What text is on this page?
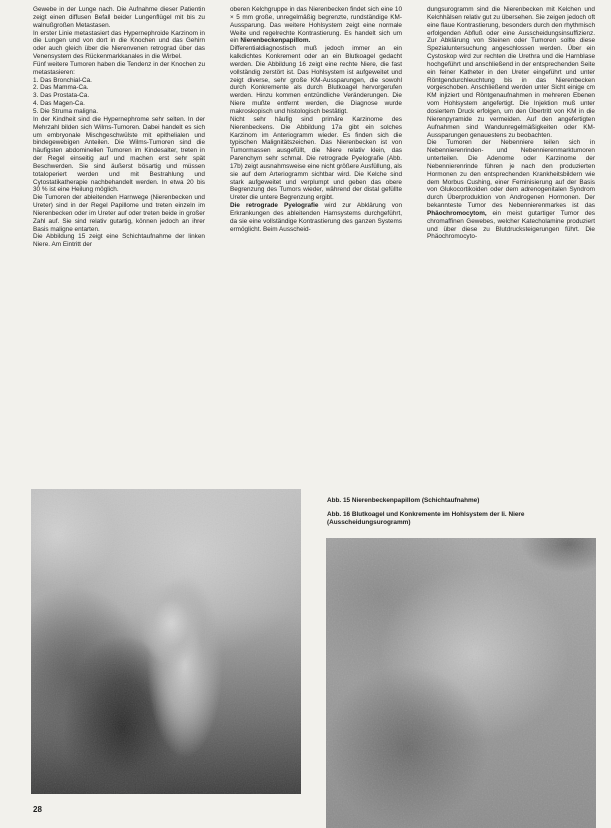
Gewebe in der Lunge nach. Die Aufnahme dieser Patientin zeigt einen diffusen Befall beider Lungenflügel mit bis zu walnußgroßen Metastasen.

In erster Linie metastasiert das Hypernephroide Karzinom in die Lungen und von dort in die Knochen und das Gehirn oder auch gleich über die Nierenvenen retrograd über das Venensystem des Rückenmarkkanales in die Wirbel.

Fünf weitere Tumoren haben die Tendenz in der Knochen zu metastasieren:

1. Das Bronchial-Ca.
2. Das Mamma-Ca.
3. Das Prostata-Ca.
4. Das Magen-Ca.
5. Die Struma maligna.

In der Kindheit sind die Hypernephrome sehr selten. In der Mehrzahl bilden sich Wilms-Tumoren. Dabei handelt es sich um embryonale Mischgeschwülste mit epithelialen und bindegewebigen Anteilen. Die Wilms-Tumoren sind die häufigsten abdominellen Tumoren im Kindesalter, treten in der Regel einseitig auf und machen erst sehr spät Beschwerden. Sie sind äußerst bösartig und müssen totaloperiert werden und mit Bestrahlung und Cytostatikatherapie nachbehandelt werden. In etwa 20 bis 30 % ist eine Heilung möglich.

Die Tumoren der ableitenden Harnwege (Nierenbecken und Ureter) sind in der Regel Papillome und treten einzeln im Nierenbecken oder im Ureter auf oder treten beide in großer Zahl auf. Sie sind relativ gutartig, können jedoch an ihrer Basis maligne entarten.

Die Abbildung 15 zeigt eine Schichtaufnahme der linken Niere. Am Eintritt der

oberen Kelchgruppe in das Nierenbecken findet sich eine 10 × 5 mm große, unregelmäßig begrenzte, rundständige KM-Aussparung. Das weitere Hohlsystem zeigt eine normale Weite und regelrechte Kontrastierung. Es handelt sich um ein Nierenbeckenpapillom.

Differentialdiagnostisch muß jedoch immer an ein kalkdichtes Konkrement oder an ein Blutkoagel gedacht werden. Die Abbildung 16 zeigt eine rechte Niere, die fast vollständig zerstört ist. Das Hohlsystem ist aufgeweitet und zeigt diverse, sehr große KM-Aussparungen, die sowohl durch Konkremente als durch Blutkoagel hervorgerufen werden. Hinzu kommen entzündliche Veränderungen. Die Niere mußte entfernt werden, die Diagnose wurde makroskopisch und histologisch bestätigt.

Nicht sehr häufig sind primäre Karzinome des Nierenbeckens. Die Abbildung 17a gibt ein solches Karzinom im Anteriogramm wieder. Es finden sich die typischen Malignitätszeichen. Das Nierenbecken ist von Tumormassen ausgefüllt, die Niere relativ klein, das Parenchym sehr schmal. Die retrograde Pyelografie (Abb. 17b) zeigt ausnahmsweise eine nicht größere Ausfüllung, als sie auf dem Arteriogramm sichtbar wird. Die Kelche sind stark aufgeweitet und verplumpt und geben das obere Begrenzung des Tumors wieder, während der distal gefüllte Ureter die untere Begrenzung ergibt.

Die retrograde Pyelografie wird zur Abklärung von Erkrankungen des ableitenden Harnsystems durchgeführt, da sie eine vollständige Kontrastierung des ganzen Systems ermöglicht. Beim Ausscheid-

dungsurogramm sind die Nierenbecken mit Kelchen und Kelchhälsen relativ gut zu übersehen. Sie zeigen jedoch oft eine flaue Kontrastierung, besonders durch den rhythmisch erfolgenden Abfluß oder eine Ausscheidungsinsuffizienz. Zur Abklärung von Steinen oder Tumoren sollte diese Spezialuntersuchung angeschlossen werden. Über ein Cystoskop wird zur rechten die Urethra und die Harnblase hochgeführt und anschließend in der entsprechenden Seite ein feiner Katheter in den Ureter eingeführt und unter Röntgendurchleuchtung bis in das Nierenbecken vorgeschoben. Anschließend werden unter Sicht einige cm KM injiziert und Röntgenaufnahmen in mehreren Ebenen vom Hohlsystem angefertigt. Die Injektion muß unter dosiertem Druck erfolgen, um den Übertritt von KM in die Nierenpyramide zu vermeiden. Auf den angefertigten Aufnahmen sind Wandunregelmäßigkeiten oder KM-Aussparungen genauestens zu beobachten.

Die Tumoren der Nebenniere teilen sich in Nebennierenrinden- und Nebennierenmarktumoren unterteilen. Die Adenome oder Karzinome der Nebennierenrinde führen je nach den produzierten Hormonen zu den entsprechenden Krankheitsbildern wie dem Morbus Cushing, einer Feminisierung auf der Basis von Glukocortikoiden oder dem adrenogenitalen Syndrom durch Überproduktion von Androgenen Hormonen. Der bekannteste Tumor des Nebennierenmarkes ist das Phäochromocytom, ein meist gutartiger Tumor des chromaffinen Gewebes, welcher Katecholamine produziert und über diese zu Blutdrucksteigerungen führt. Die Phäochromocyto-

Abb. 15 Nierenbeckenpapillom (Schichtaufnahme)
Abb. 16 Blutkoagel und Konkremente im Hohlsystem der li. Niere (Ausscheidungsurogramm)
28
